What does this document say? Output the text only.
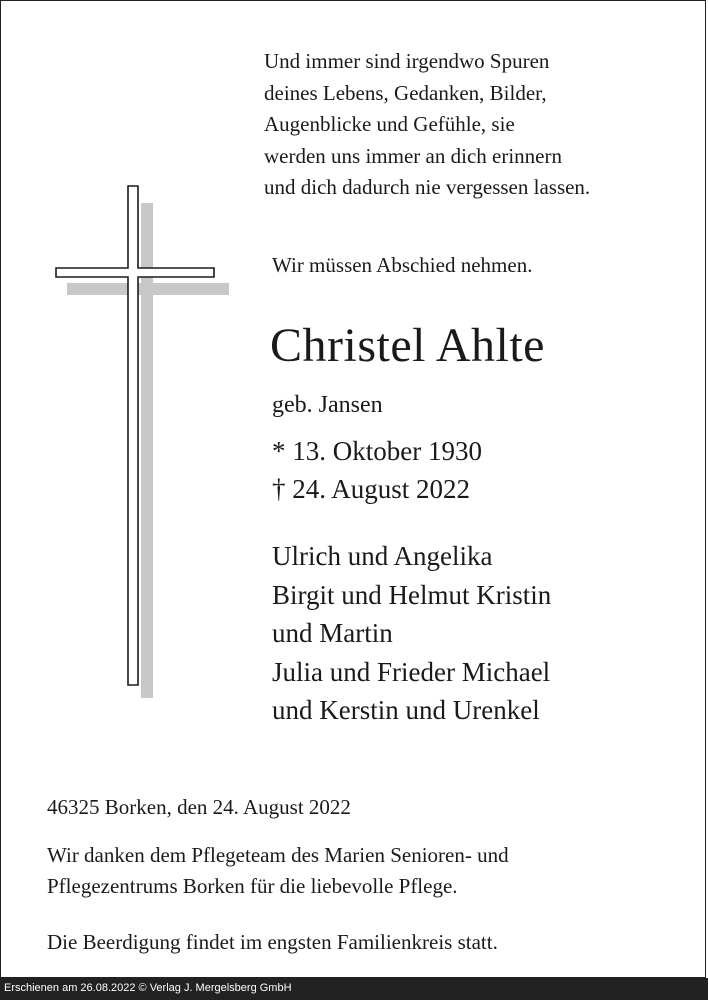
Und immer sind irgendwo Spuren
deines Lebens, Gedanken, Bilder,
Augenblicke und Gefühle, sie
werden uns immer an dich erinnern
und dich dadurch nie vergessen lassen.
Wir müssen Abschied nehmen.
Christel Ahlte
geb. Jansen
* 13. Oktober 1930
† 24. August 2022
Ulrich und Angelika
Birgit und Helmut Kristin
und Martin
Julia und Frieder Michael
und Kerstin und Urenkel
46325 Borken, den 24. August 2022
Wir danken dem Pflegeteam des Marien Senioren- und
Pflegezentrums Borken für die liebevolle Pflege.
Die Beerdigung findet im engsten Familienkreis statt.
Erschienen am 26.08.2022 © Verlag J. Mergelsberg GmbH
